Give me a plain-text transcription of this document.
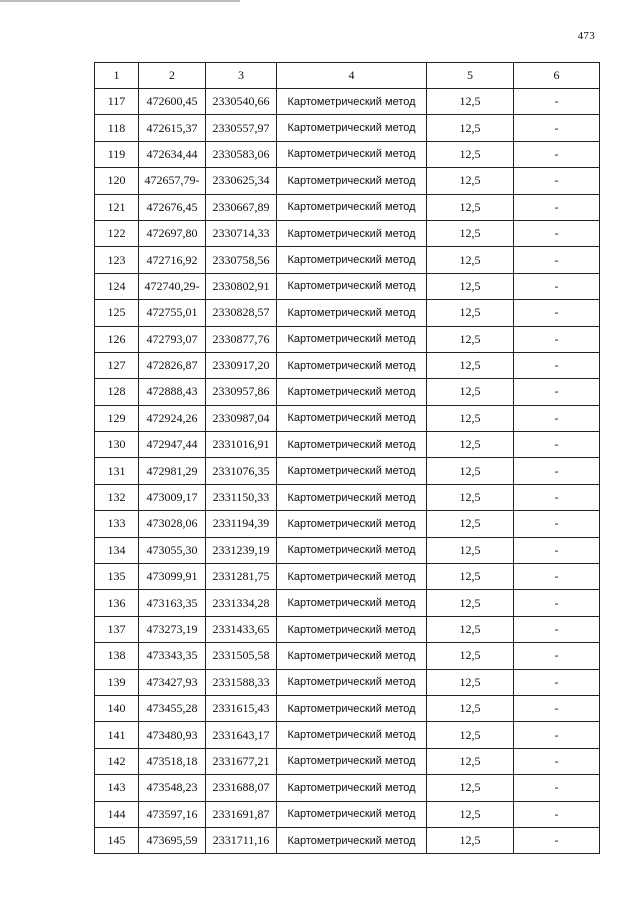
473
1	2	3	4	5	6
117	472600,45	2330540,66	Картометрический метод	12,5	-
118	472615,37	2330557,97	Картометрический метод	12,5	-
119	472634,44	2330583,06	Картометрический метод	12,5	-
120	472657,79-	2330625,34	Картометрический метод	12,5	-
121	472676,45	2330667,89	Картометрический метод	12,5	-
122	472697,80	2330714,33	Картометрический метод	12,5	-
123	472716,92	2330758,56	Картометрический метод	12,5	-
124	472740,29-	2330802,91	Картометрический метод	12,5	-
125	472755,01	2330828,57	Картометрический метод	12,5	-
126	472793,07	2330877,76	Картометрический метод	12,5	-
127	472826,87	2330917,20	Картометрический метод	12,5	-
128	472888,43	2330957,86	Картометрический метод	12,5	-
129	472924,26	2330987,04	Картометрический метод	12,5	-
130	472947,44	2331016,91	Картометрический метод	12,5	-
131	472981,29	2331076,35	Картометрический метод	12,5	-
132	473009,17	2331150,33	Картометрический метод	12,5	-
133	473028,06	2331194,39	Картометрический метод	12,5	-
134	473055,30	2331239,19	Картометрический метод	12,5	-
135	473099,91	2331281,75	Картометрический метод	12,5	-
136	473163,35	2331334,28	Картометрический метод	12,5	-
137	473273,19	2331433,65	Картометрический метод	12,5	-
138	473343,35	2331505,58	Картометрический метод	12,5	-
139	473427,93	2331588,33	Картометрический метод	12,5	-
140	473455,28	2331615,43	Картометрический метод	12,5	-
141	473480,93	2331643,17	Картометрический метод	12,5	-
142	473518,18	2331677,21	Картометрический метод	12,5	-
143	473548,23	2331688,07	Картометрический метод	12,5	-
144	473597,16	2331691,87	Картометрический метод	12,5	-
145	473695,59	2331711,16	Картометрический метод	12,5	-
